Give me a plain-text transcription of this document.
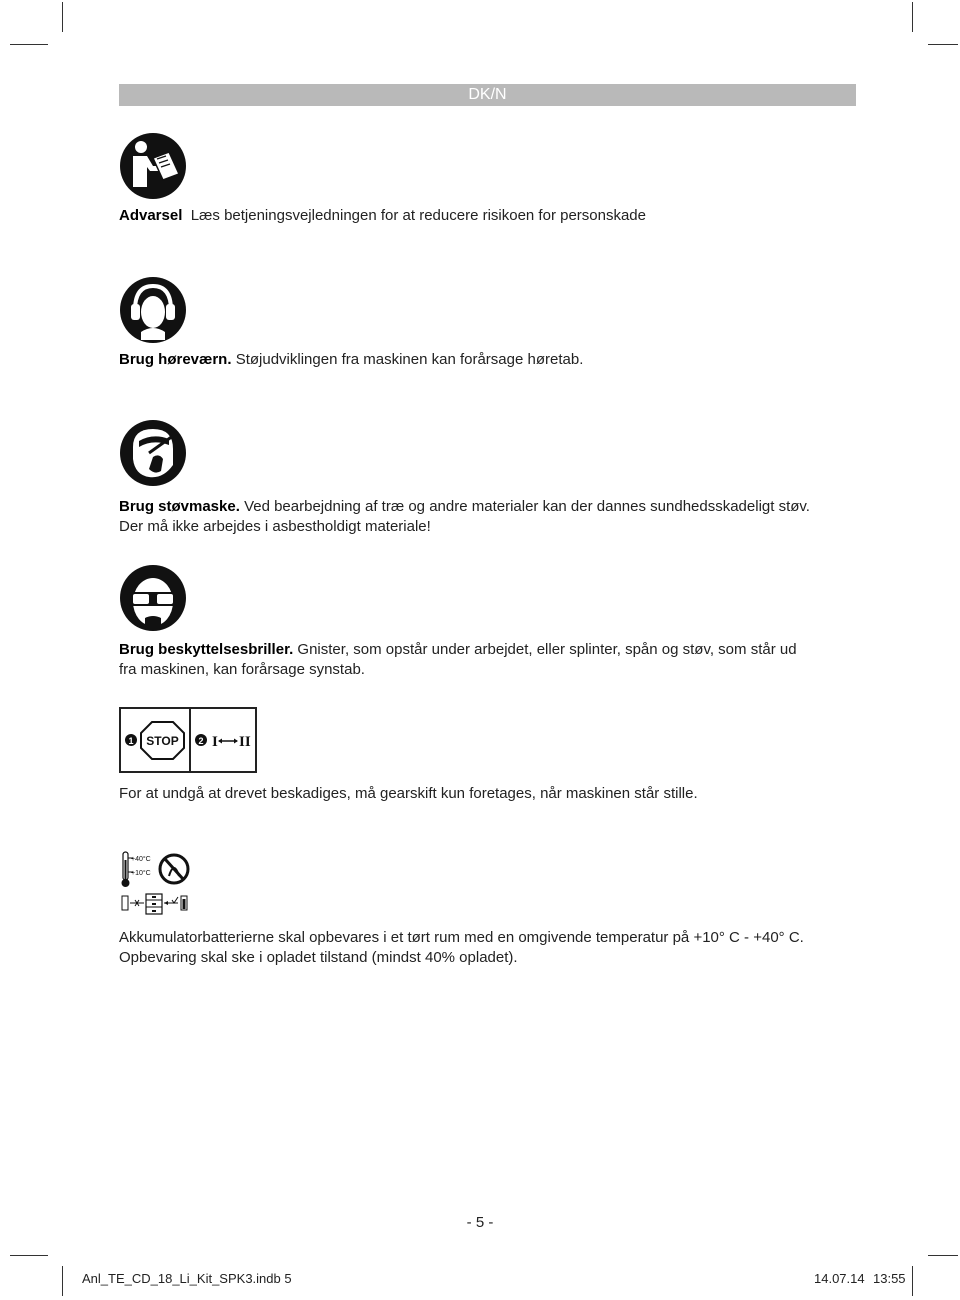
DK/N
Advarsel Læs betjeningsvejledningen for at reducere risikoen for personskade
Brug høreværn. Støjudviklingen fra maskinen kan forårsage høretab.
Brug støvmaske. Ved bearbejdning af træ og andre materialer kan der dannes sundhedsskadeligt støv.
Der må ikke arbejdes i asbestholdigt materiale!
Brug beskyttelsesbriller. Gnister, som opstår under arbejdet, eller splinter, spån og støv, som står ud
fra maskinen, kan forårsage synstab.
1 STOP 2 I II
For at undgå at drevet beskadiges, må gearskift kun foretages, når maskinen står stille.
+40°C
+10°C
Akkumulatorbatterierne skal opbevares i et tørt rum med en omgivende temperatur på +10° C - +40° C.
Opbevaring skal ske i opladet tilstand (mindst 40% opladet).
- 5 -
Anl_TE_CD_18_Li_Kit_SPK3.indb 5	14.07.14 13:55
